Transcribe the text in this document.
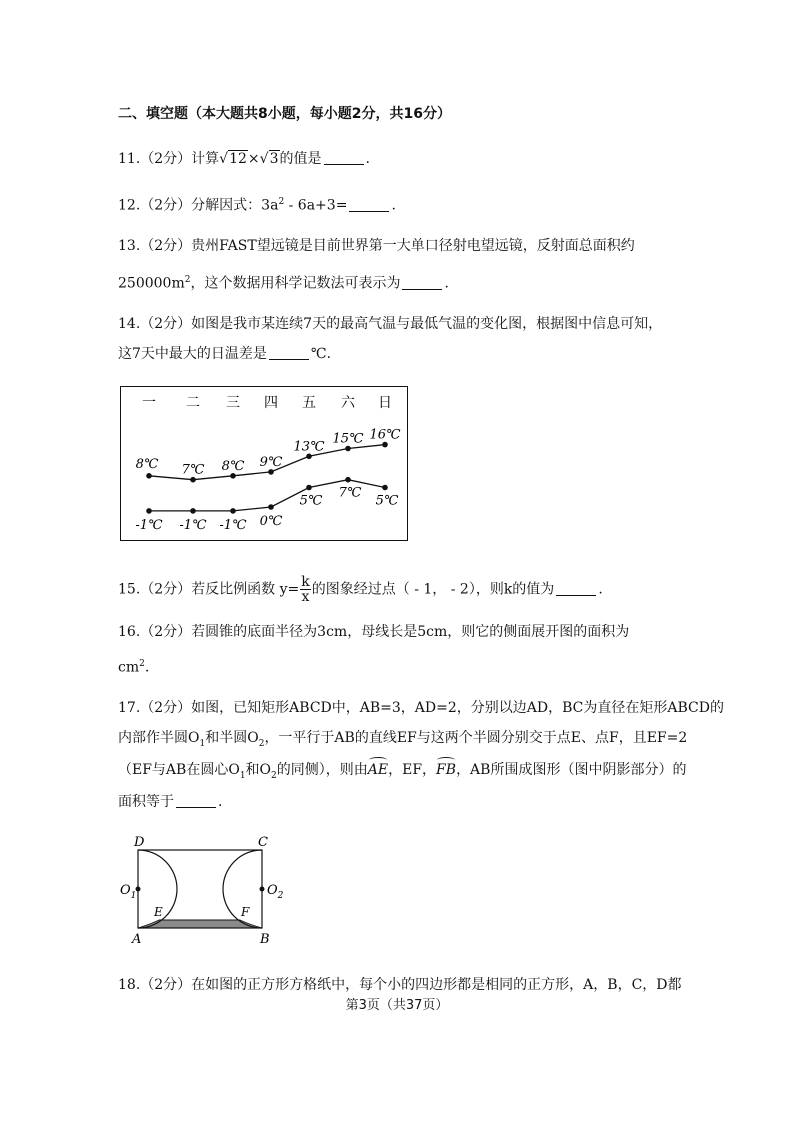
二、填空题（本大题共8小题，每小题2分，共16分）
11.（2分）计算√12×√3的值是	.
12.（2分）分解因式：$3a^2 - 6a+3=$	.
13.（2分）贵州FAST望远镜是目前世界第一大单口径射电望远镜，反射面总面积约
$250000m^2$，这个数据用科学记数法可表示为	.
14.（2分）如图是我市某连续7天的最高气温与最低气温的变化图，根据图中信息可知，
这7天中最大的日温差是	℃.
一 二 三 四 五 六 日
8℃ 7℃ 8℃ 9℃
13℃
15℃ 16℃
-1℃ -1℃ -1℃ 0℃
5℃
7℃
5℃
15.（2分）若反比例函数 $y= \frac{k}{x}$ 的图象经过点（ - 1， - 2），则k的值为	.
16.（2分）若圆锥的底面半径为3cm，母线长是5cm，则它的侧面展开图的面积为
$cm^2$.
17.（2分）如图，已知矩形ABCD中，AB=3，AD=2，分别以边AD，BC为直径在矩形ABCD的
内部作半圆$O_1$和半圆$O_2$，一平行于AB的直线EF与这两个半圆分别交于点E、点F，且EF=2
（EF与AB在圆心$O_1$和$O_2$的同侧），则由AE，EF，FB，AB所围成图形（图中阴影部分）的
面积等于	.
D	C
$O_1$	$O_2$
E	F
A	B
18.（2分）在如图的正方形方格纸中，每个小的四边形都是相同的正方形，A，B，C，D都
第3页（共37页）
